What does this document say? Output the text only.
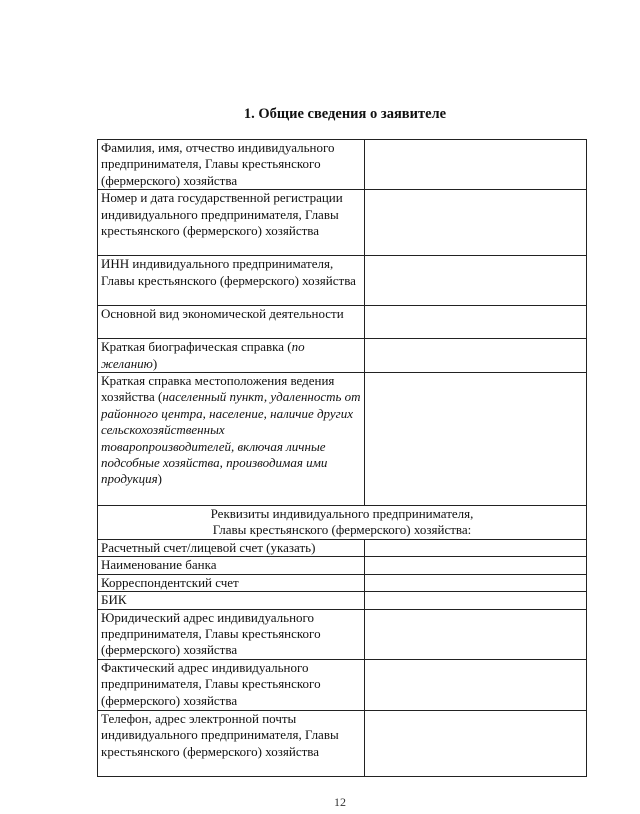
1. Общие сведения о заявителе
Фамилия, имя, отчество индивидуального предпринимателя, Главы крестьянского (фермерского) хозяйства	
Номер и дата государственной регистрации индивидуального предпринимателя, Главы крестьянского (фермерского) хозяйства	
ИНН индивидуального предпринимателя, Главы крестьянского (фермерского) хозяйства	
Основной вид экономической деятельности	
Краткая биографическая справка (по желанию)	
Краткая справка местоположения ведения хозяйства (населенный пункт, удаленность от районного центра, население, наличие других сельскохозяйственных товаропроизводителей, включая личные подсобные хозяйства, производимая ими продукция)	
Реквизиты индивидуального предпринимателя,
Главы крестьянского (фермерского) хозяйства:	
Расчетный счет/лицевой счет (указать)	
Наименование банка	
Корреспондентский счет	
БИК	
Юридический адрес индивидуального предпринимателя, Главы крестьянского (фермерского) хозяйства	
Фактический адрес индивидуального предпринимателя, Главы крестьянского (фермерского) хозяйства	
Телефон, адрес электронной почты индивидуального предпринимателя, Главы крестьянского (фермерского) хозяйства	
12
